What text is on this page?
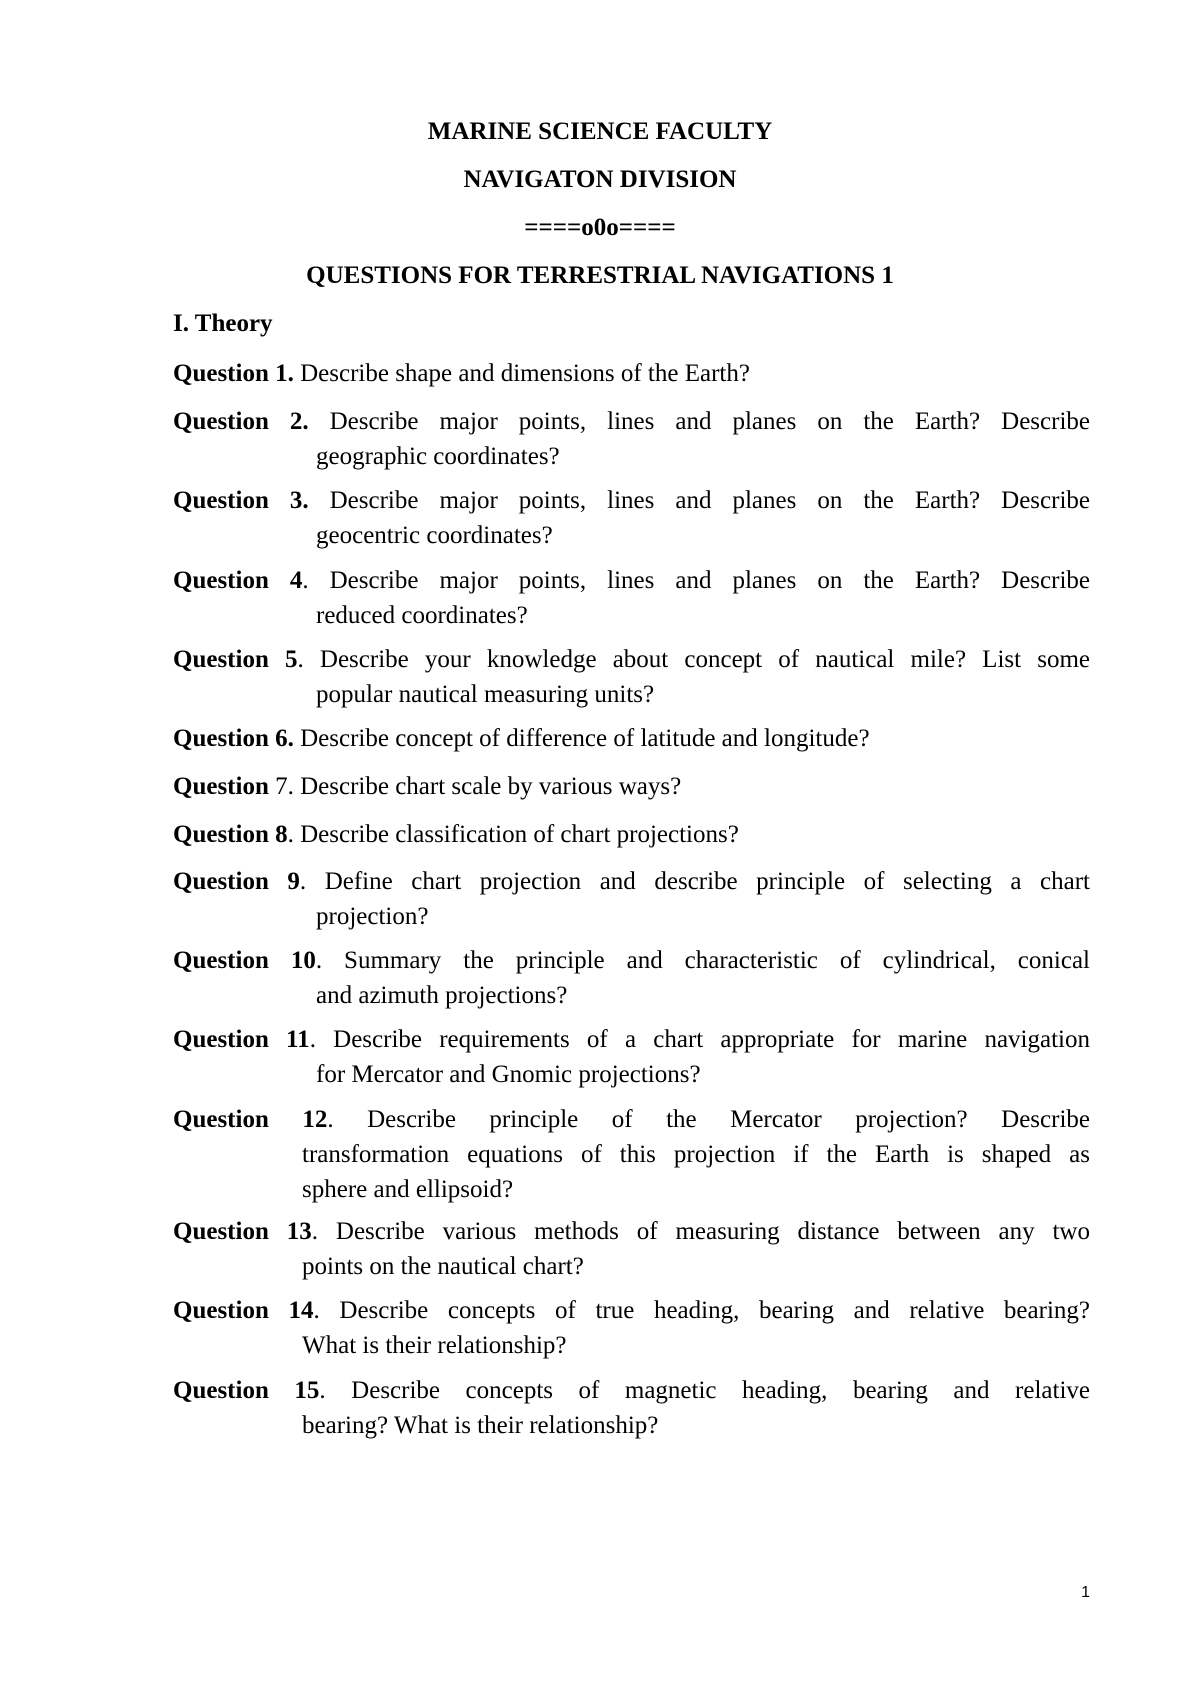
MARINE SCIENCE FACULTY
NAVIGATON DIVISION
====o0o====
QUESTIONS FOR TERRESTRIAL NAVIGATIONS 1
I. Theory
Question 1. Describe shape and dimensions of the Earth?
Question 2. Describe major points, lines and planes on the Earth? Describe
geographic coordinates?
Question 3. Describe major points, lines and planes on the Earth? Describe
geocentric coordinates?
Question 4. Describe major points, lines and planes on the Earth? Describe
reduced coordinates?
Question 5. Describe your knowledge about concept of nautical mile? List some
popular nautical measuring units?
Question 6. Describe concept of difference of latitude and longitude?
Question 7. Describe chart scale by various ways?
Question 8. Describe classification of chart projections?
Question 9. Define chart projection and describe principle of selecting a chart
projection?
Question 10. Summary the principle and characteristic of cylindrical, conical
and azimuth projections?
Question 11. Describe requirements of a chart appropriate for marine navigation
for Mercator and Gnomic projections?
Question 12. Describe principle of the Mercator projection? Describe
transformation equations of this projection if the Earth is shaped as
sphere and ellipsoid?
Question 13. Describe various methods of measuring distance between any two
points on the nautical chart?
Question 14. Describe concepts of true heading, bearing and relative bearing?
What is their relationship?
Question 15. Describe concepts of magnetic heading, bearing and relative
bearing? What is their relationship?
1
